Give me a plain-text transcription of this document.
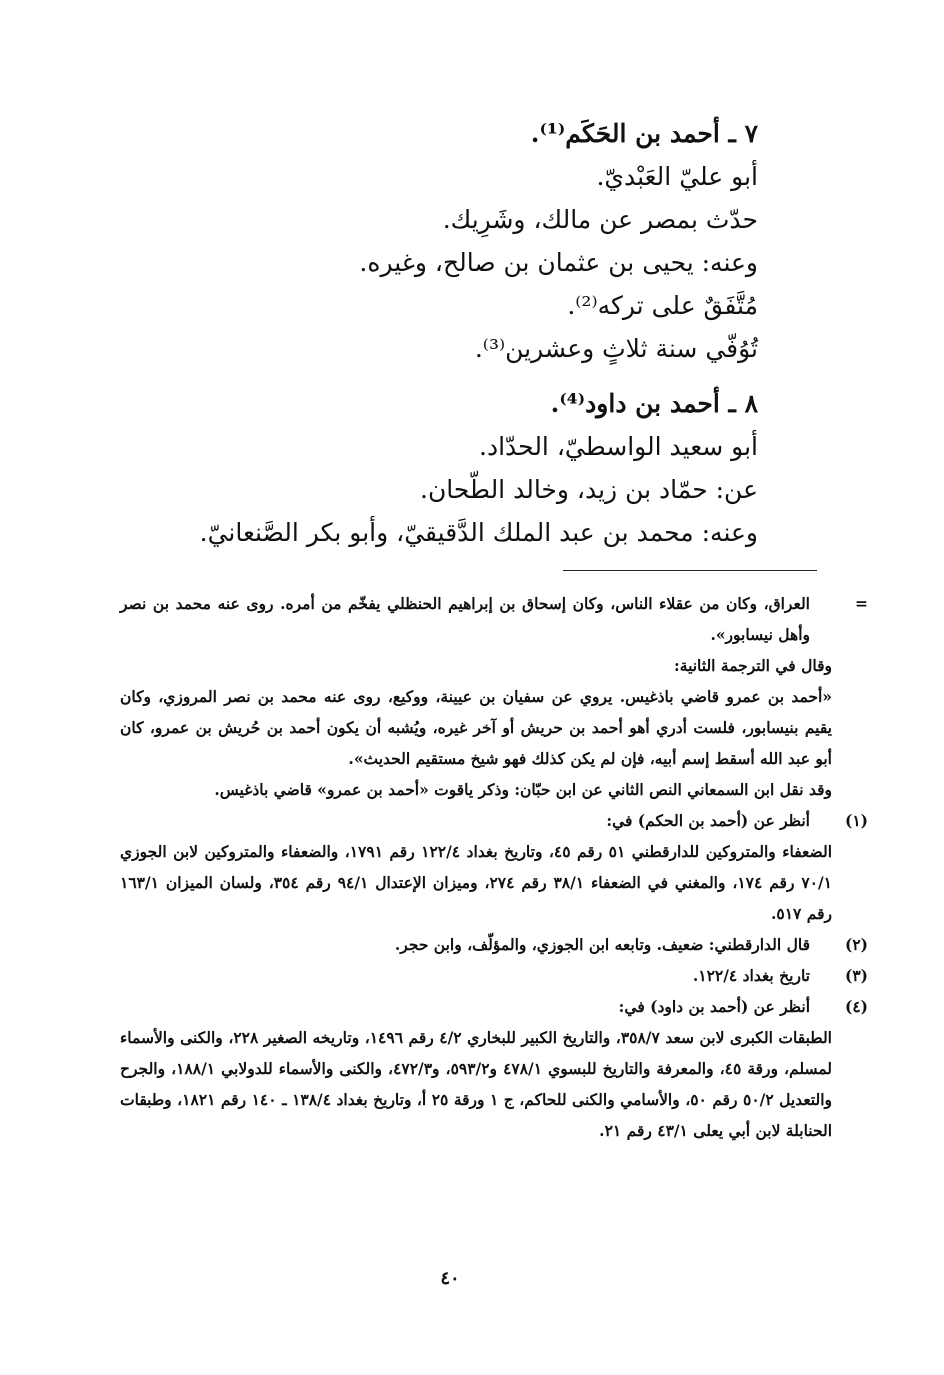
٧ ـ أحمد بن الحَكَم⁽¹⁾.
أبو عليّ العَبْديّ.
حدّث بمصر عن مالك، وشَرِيك.
وعنه: يحيى بن عثمان بن صالح، وغيره.
مُتَّفَقٌ على تركه⁽²⁾.
تُوُفّي سنة ثلاثٍ وعشرين⁽³⁾.
٨ ـ أحمد بن داود⁽⁴⁾.
أبو سعيد الواسطيّ، الحدّاد.
عن: حمّاد بن زيد، وخالد الطّحان.
وعنه: محمد بن عبد الملك الدَّقيقيّ، وأبو بكر الصَّنعانيّ.

=
العراق، وكان من عقلاء الناس، وكان إسحاق بن إبراهيم الحنظلي يفخّم من أمره. روى عنه محمد بن نصر وأهل نيسابور».

وقال في الترجمة الثانية:

«أحمد بن عمرو قاضي باذغيس. يروي عن سفيان بن عيينة، ووكيع، روى عنه محمد بن نصر المروزي، وكان يقيم بنيسابور، فلست أدري أهو أحمد بن حريش أو آخر غيره، ويُشبه أن يكون أحمد بن حُريش بن عمرو، كان أبو عبد الله أسقط إسم أبيه، فإن لم يكن كذلك فهو شيخ مستقيم الحديث».

وقد نقل ابن السمعاني النص الثاني عن ابن حبّان: وذكر ياقوت «أحمد بن عمرو» قاضي باذغيس.

(١)
أنظر عن (أحمد بن الحكم) في:

الضعفاء والمتروكين للدارقطني ٥١ رقم ٤٥، وتاريخ بغداد ١٢٢/٤ رقم ١٧٩١، والضعفاء والمتروكين لابن الجوزي ٧٠/١ رقم ١٧٤، والمغني في الضعفاء ٣٨/١ رقم ٢٧٤، وميزان الإعتدال ٩٤/١ رقم ٣٥٤، ولسان الميزان ١٦٣/١ رقم ٥١٧.

(٢)
قال الدارقطني: ضعيف. وتابعه ابن الجوزي، والمؤلّف، وابن حجر.

(٣)
تاريخ بغداد ١٢٢/٤.

(٤)
أنظر عن (أحمد بن داود) في:

الطبقات الكبرى لابن سعد ٣٥٨/٧، والتاريخ الكبير للبخاري ٤/٢ رقم ١٤٩٦، وتاريخه الصغير ٢٢٨، والكنى والأسماء لمسلم، ورقة ٤٥، والمعرفة والتاريخ للبسوي ٤٧٨/١ و٥٩٣/٢، و٤٧٢/٣، والكنى والأسماء للدولابي ١٨٨/١، والجرح والتعديل ٥٠/٢ رقم ٥٠، والأسامي والكنى للحاكم، ج ١ ورقة ٢٥ أ، وتاريخ بغداد ١٣٨/٤ ـ ١٤٠ رقم ١٨٢١، وطبقات الحنابلة لابن أبي يعلى ٤٣/١ رقم ٢١.

٤٠
